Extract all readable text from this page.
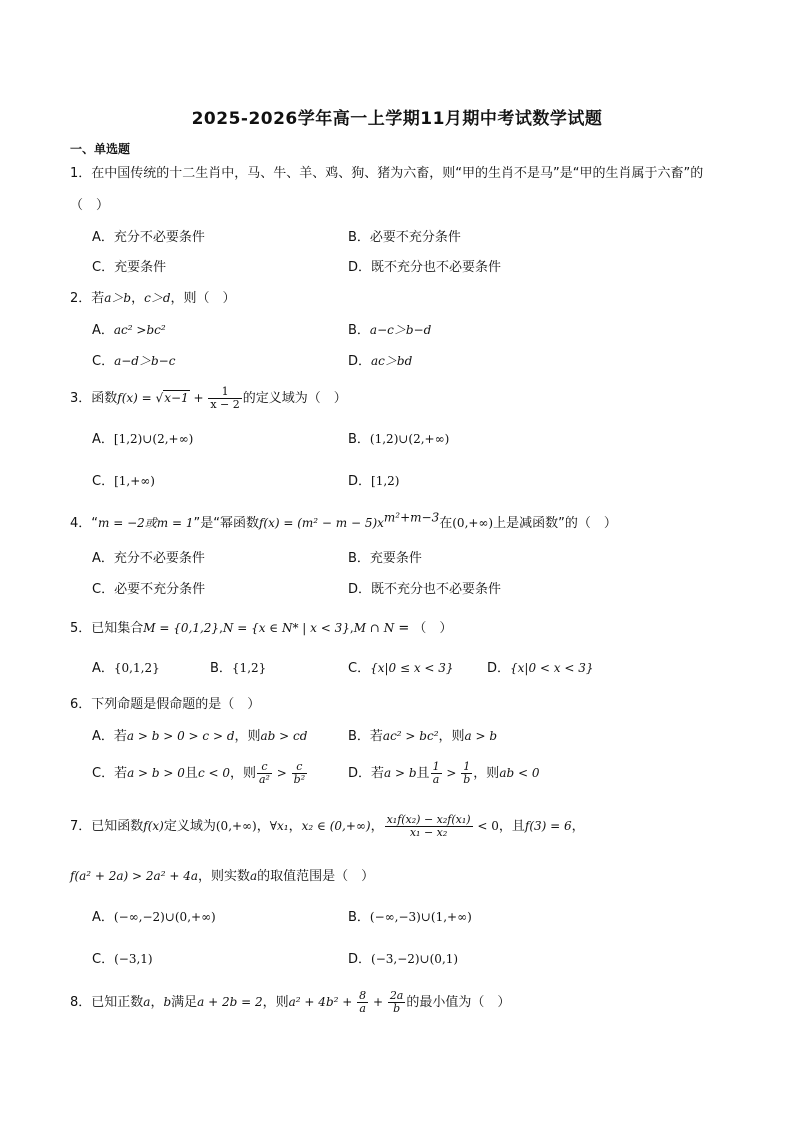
2025-2026学年高一上学期11月期中考试数学试题
一、单选题
1．在中国传统的十二生肖中，马、牛、羊、鸡、狗、猪为六畜，则“甲的生肖不是马”是“甲的生肖属于六畜”的
（　）
A．充分不必要条件	B．必要不充分条件
C．充要条件	D．既不充分也不必要条件
2．若a＞b，c＞d，则（　）
A．ac² >bc²	B．a−c＞b−d
C．a−d＞b−c	D．ac＞bd
3．函数$f(x) = √x-1 + \frac{1}{x - 2}$ 的定义域为（　）
A．[1,2)∪(2,+∞)	B．(1,2)∪(2,+∞)
C．[1,+∞)	D．[1,2)
4．“m = −2或m = 1”是“幂函数$f(x) = (m^2 - m - 5)x^{m^2+m-3}$在(0,+∞)上是减函数”的（　）
A．充分不必要条件	B．充要条件
C．必要不充分条件	D．既不充分也不必要条件
5．已知集合M = {0,1,2},N = {x ∈ N* | x < 3},M ∩ N = （　）
A．{0,1,2}	B．{1,2}	C．{x|0 ≤ x < 3}	D．{x|0 < x < 3}
6．下列命题是假命题的是（　）
A．若a > b > 0 > c > d，则ab > cd	B．若ac² > bc²，则a > b
C．若a > b > 0且c < 0，则 $\frac{c}{\text{a²}} > \frac{c}{\text{b²}}$	D．若a > b且 $\frac{1}{a} > \frac{1}{b}$ ，则ab < 0
7．已知函数f(x)定义域为(0,+∞)，∀x₁，x₂ ∈ (0,+∞)， $\frac{\text{x₁f(x₂) − x₂f(x₁)}}{\text{x₁ − x₂}} < 0$，且f(3) = 6，
f(a² + 2a) > 2a² + 4a，则实数a的取值范围是（　）
A．(−∞,−2)∪(0,+∞)	B．(−∞,−3)∪(1,+∞)
C．(−3,1)	D．(−3,−2)∪(0,1)
8．已知正数a，b满足a + 2b = 2，则$a^2 + 4b^2 + \frac{8}{a} + \frac{2a}{b}$ 的最小值为（　）
